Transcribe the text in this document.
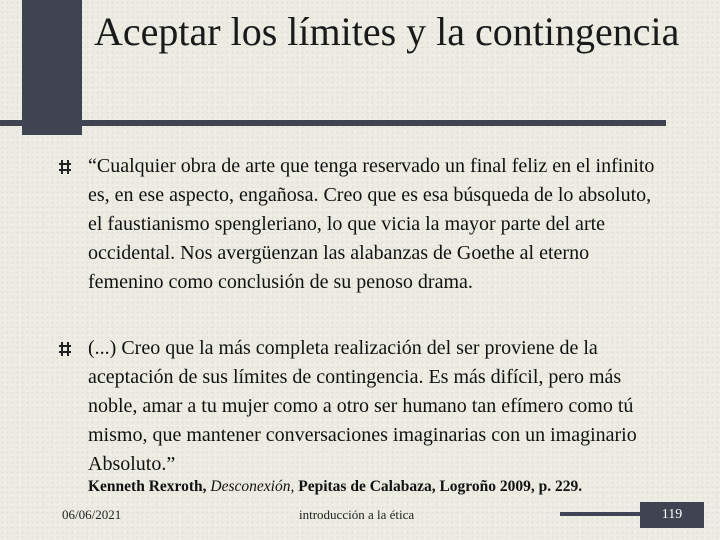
Aceptar los límites y la contingencia
“Cualquier obra de arte que tenga reservado un final feliz en el infinito es, en ese aspecto, engañosa. Creo que es esa búsqueda de lo absoluto, el faustianismo spengleriano, lo que vicia la mayor parte del arte occidental. Nos avergüenzan las alabanzas de Goethe al eterno femenino como conclusión de su penoso drama.
(...) Creo que la más completa realización del ser proviene de la aceptación de sus límites de contingencia. Es más difícil, pero más noble, amar a tu mujer como a otro ser humano tan efímero como tú mismo, que mantener conversaciones imaginarias con un imaginario Absoluto.”
Kenneth Rexroth, Desconexión, Pepitas de Calabaza, Logroño 2009, p. 229.
06/06/2021	introducción a la ética	119
